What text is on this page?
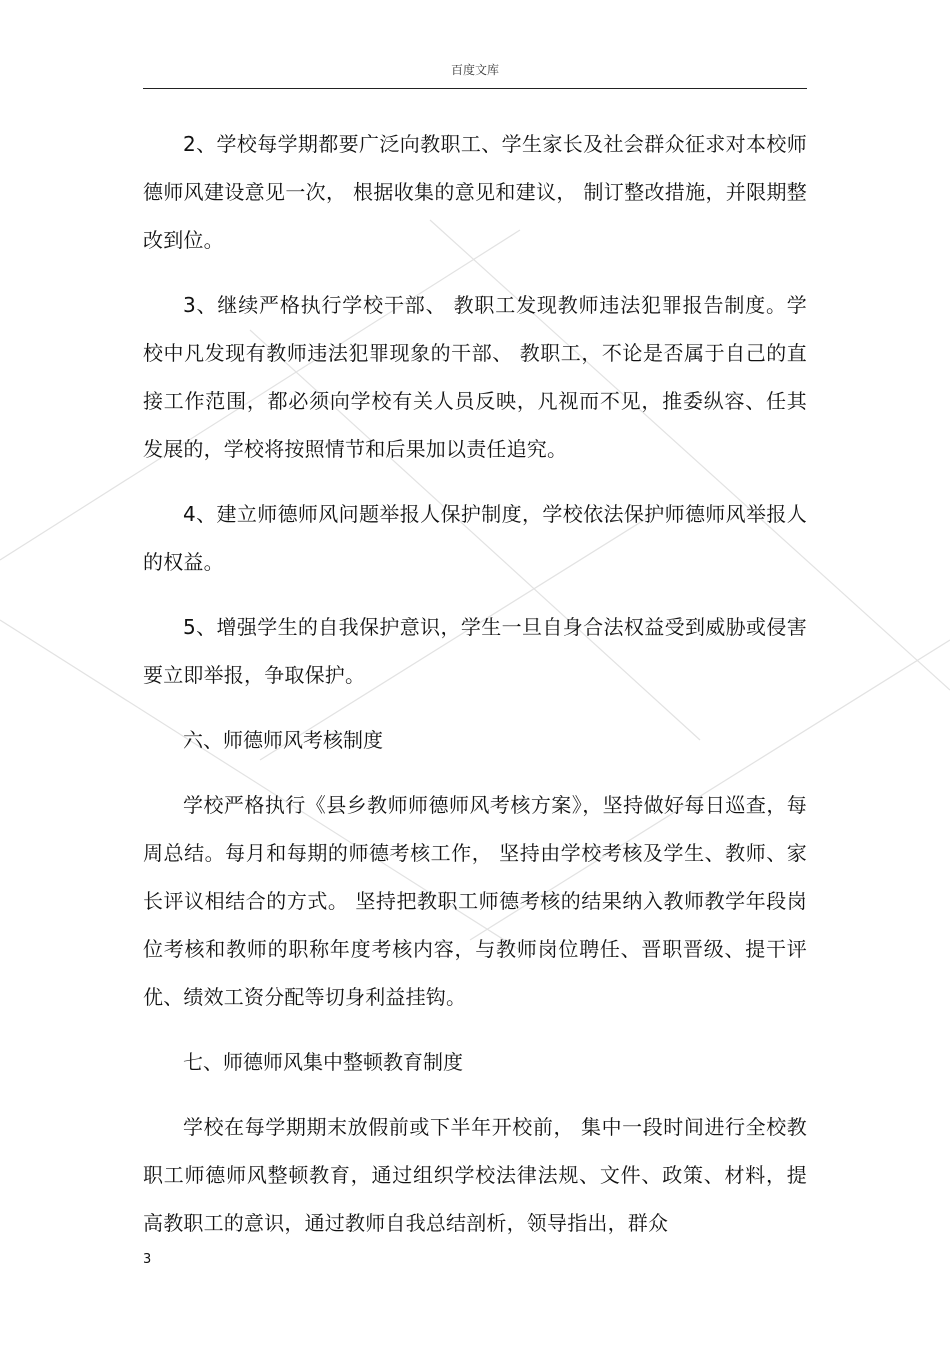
百度文库

2、学校每学期都要广泛向教职工、学生家长及社会群众征求对本校师德师风建设意见一次， 根据收集的意见和建议， 制订整改措施，并限期整改到位。

3、继续严格执行学校干部、 教职工发现教师违法犯罪报告制度。学校中凡发现有教师违法犯罪现象的干部、 教职工，不论是否属于自己的直接工作范围，都必须向学校有关人员反映，凡视而不见，推委纵容、任其发展的，学校将按照情节和后果加以责任追究。

4、建立师德师风问题举报人保护制度，学校依法保护师德师风举报人的权益。

5、增强学生的自我保护意识，学生一旦自身合法权益受到威胁或侵害要立即举报，争取保护。

六、师德师风考核制度

学校严格执行《县乡教师师德师风考核方案》，坚持做好每日巡查，每周总结。每月和每期的师德考核工作， 坚持由学校考核及学生、教师、家长评议相结合的方式。 坚持把教职工师德考核的结果纳入教师教学年段岗位考核和教师的职称年度考核内容，与教师岗位聘任、晋职晋级、提干评优、绩效工资分配等切身利益挂钩。

七、师德师风集中整顿教育制度

学校在每学期期末放假前或下半年开校前， 集中一段时间进行全校教职工师德师风整顿教育，通过组织学校法律法规、文件、政策、材料，提高教职工的意识，通过教师自我总结剖析，领导指出，群众

3
